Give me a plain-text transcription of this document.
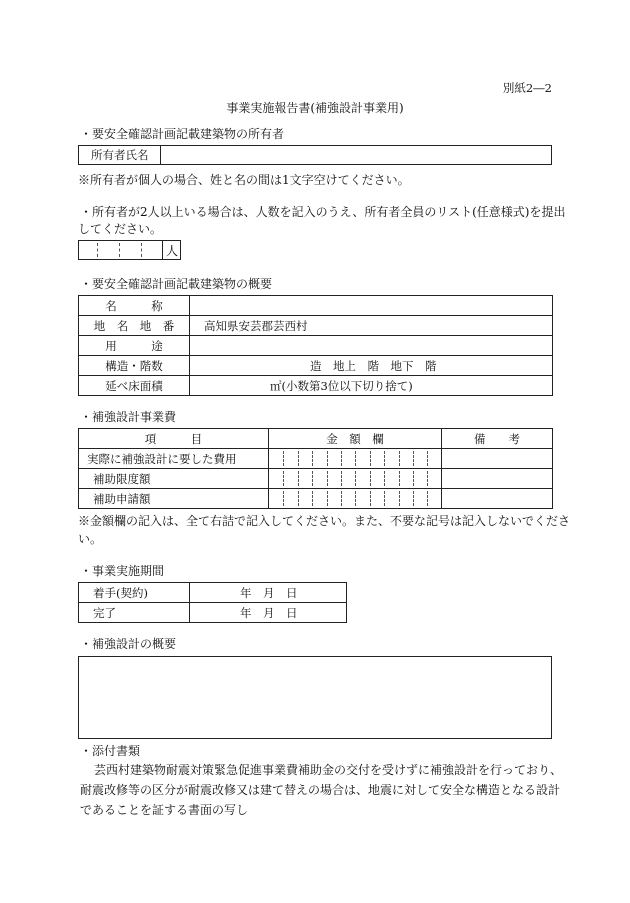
別紙2―2
事業実施報告書(補強設計事業用)
・要安全確認計画記載建築物の所有者
所有者氏名
※所有者が個人の場合、姓と名の間は1文字空けてください。
・所有者が2人以上いる場合は、人数を記入のうえ、所有者全員のリスト(任意様式)を提出
してください。
人
・要安全確認計画記載建築物の概要
名　　　称	
地　名　地　番	高知県安芸郡芸西村
用　　　途	
構造・階数	造　地上　階　地下　階
延べ床面積	㎡(小数第3位以下切り捨て)
・補強設計事業費
項　　　目	金　額　欄	備　　考
実際に補強設計に要した費用	

補助限度額	

補助申請額	

※金額欄の記入は、全て右詰で記入してください。また、不要な記号は記入しないでくださ
い。
・事業実施期間
着手(契約)	年　月　日
完了	年　月　日
・補強設計の概要
・添付書類
芸西村建築物耐震対策緊急促進事業費補助金の交付を受けずに補強設計を行っており、
耐震改修等の区分が耐震改修又は建て替えの場合は、地震に対して安全な構造となる設計
であることを証する書面の写し
